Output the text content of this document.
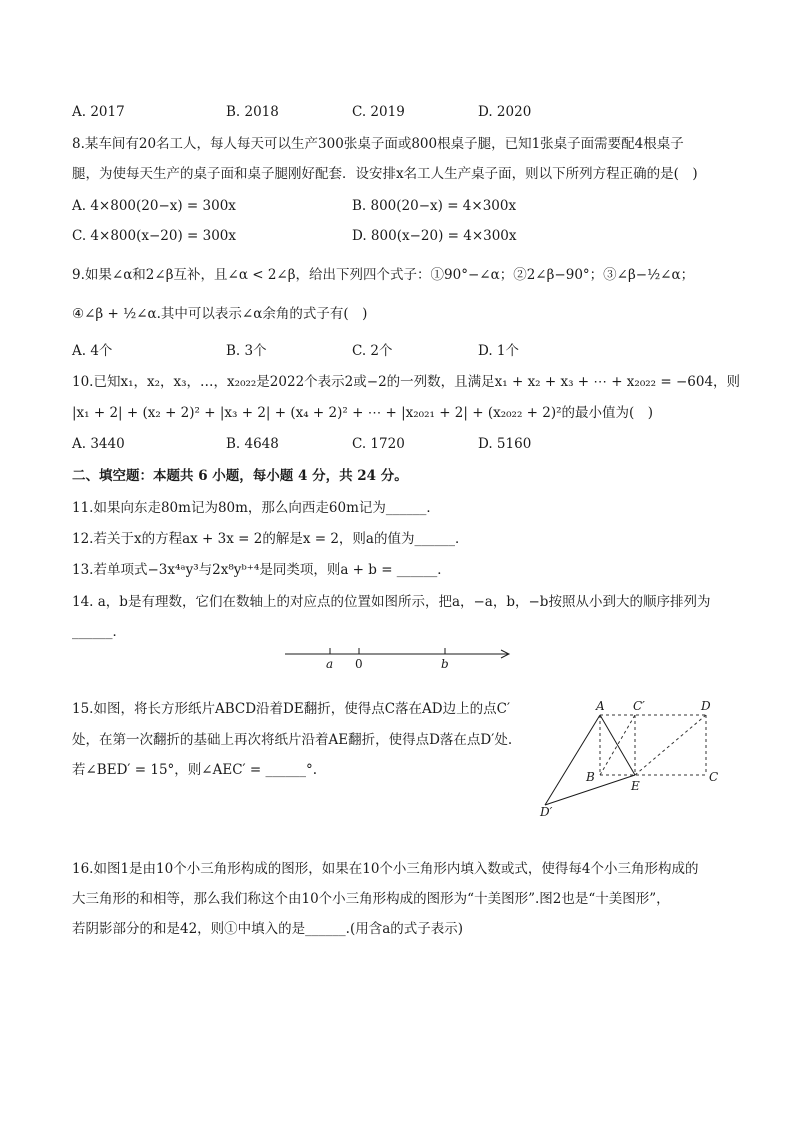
A. 2017	B. 2018	C. 2019	D. 2020
8.某车间有20名工人，每人每天可以生产300张桌子面或800根桌子腿，已知1张桌子面需要配4根桌子
腿，为使每天生产的桌子面和桌子腿刚好配套．设安排x名工人生产桌子面，则以下所列方程正确的是(　)
A. 4×800(20−x) = 300x	B. 800(20−x) = 4×300x
C. 4×800(x−20) = 300x	D. 800(x−20) = 4×300x
9.如果∠α和2∠β互补，且∠α < 2∠β，给出下列四个式子：①90°−∠α；②2∠β−90°；③∠β−½∠α；
④∠β + ½∠α.其中可以表示∠α余角的式子有(　)
A. 4个	B. 3个	C. 2个	D. 1个
10.已知x₁，x₂，x₃，…，x₂₀₂₂是2022个表示2或−2的一列数，且满足x₁ + x₂ + x₃ + ⋯ + x₂₀₂₂ = −604，则
|x₁ + 2| + (x₂ + 2)² + |x₃ + 2| + (x₄ + 2)² + ⋯ + |x₂₀₂₁ + 2| + (x₂₀₂₂ + 2)²的最小值为(　)
A. 3440	B. 4648	C. 1720	D. 5160
二、填空题：本题共 6 小题，每小题 4 分，共 24 分。
11.如果向东走80m记为80m，那么向西走60m记为______．
12.若关于x的方程ax + 3x = 2的解是x = 2，则a的值为______．
13.若单项式−3x⁴ᵃy³与2x⁸yᵇ⁺⁴是同类项，则a + b = ______．
14. a，b是有理数，它们在数轴上的对应点的位置如图所示，把a，−a，b，−b按照从小到大的顺序排列为
______．
a 0	b
15.如图，将长方形纸片ABCD沿着DE翻折，使得点C落在AD边上的点C′
处，在第一次翻折的基础上再次将纸片沿着AE翻折，使得点D落在点D′处.
若∠BED′ = 15°，则∠AEC′ = ______°.
A C′	D
B
E
C
D′
16.如图1是由10个小三角形构成的图形，如果在10个小三角形内填入数或式，使得每4个小三角形构成的
大三角形的和相等，那么我们称这个由10个小三角形构成的图形为“十美图形”.图2也是“十美图形”，
若阴影部分的和是42，则①中填入的是______.(用含a的式子表示)
